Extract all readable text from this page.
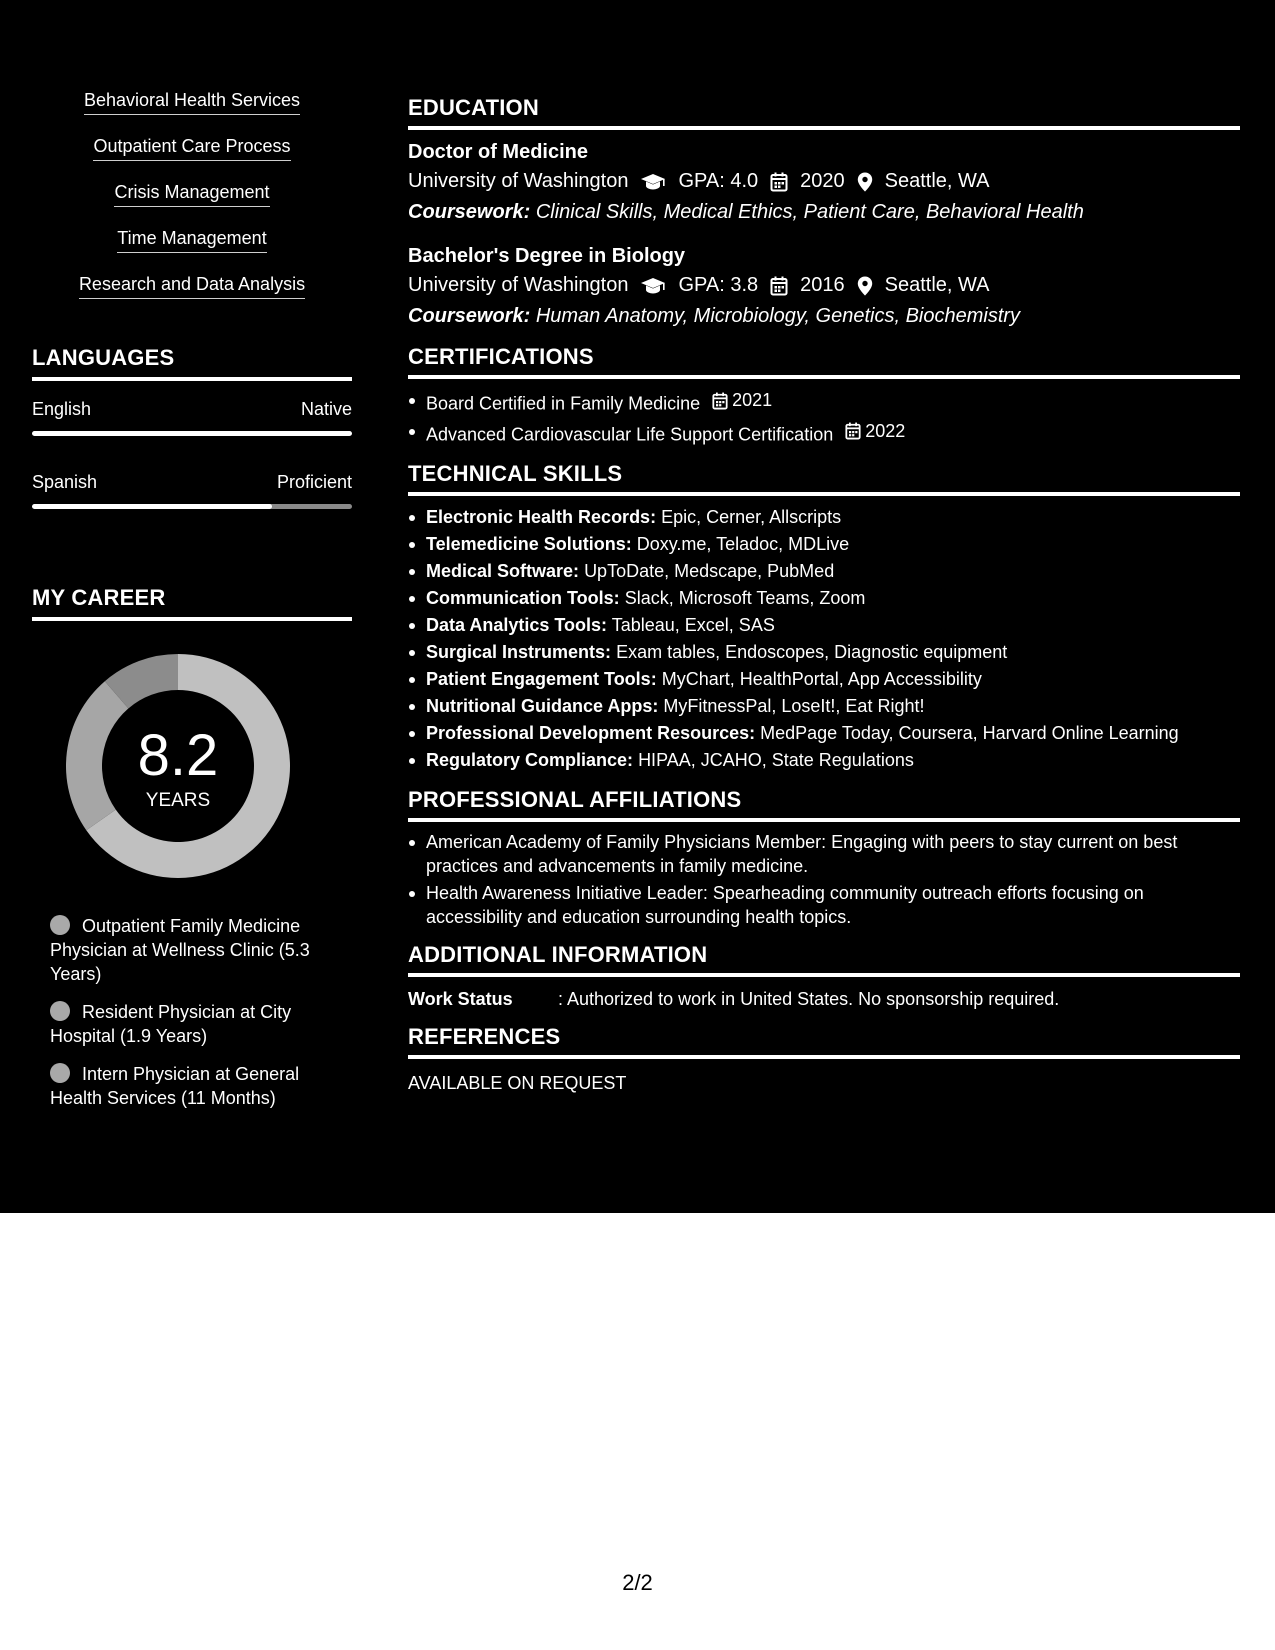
Behavioral Health Services
Outpatient Care Process
Crisis Management
Time Management
Research and Data Analysis
LANGUAGES
English	Native
Spanish	Proficient
MY CAREER
8.2
YEARS
Outpatient Family Medicine Physician at Wellness Clinic (5.3 Years)
Resident Physician at City Hospital (1.9 Years)
Intern Physician at General Health Services (11 Months)
EDUCATION
Doctor of Medicine
University of Washington	GPA: 4.0 2020 Seattle, WA
Coursework: Clinical Skills, Medical Ethics, Patient Care, Behavioral Health
Bachelor's Degree in Biology
University of Washington	GPA: 3.8 2016 Seattle, WA
Coursework: Human Anatomy, Microbiology, Genetics, Biochemistry
CERTIFICATIONS
Board Certified in Family Medicine 2021
Advanced Cardiovascular Life Support Certification 2022
TECHNICAL SKILLS
Electronic Health Records: Epic, Cerner, Allscripts
Telemedicine Solutions: Doxy.me, Teladoc, MDLive
Medical Software: UpToDate, Medscape, PubMed
Communication Tools: Slack, Microsoft Teams, Zoom
Data Analytics Tools: Tableau, Excel, SAS
Surgical Instruments: Exam tables, Endoscopes, Diagnostic equipment
Patient Engagement Tools: MyChart, HealthPortal, App Accessibility
Nutritional Guidance Apps: MyFitnessPal, LoseIt!, Eat Right!
Professional Development Resources: MedPage Today, Coursera, Harvard Online Learning
Regulatory Compliance: HIPAA, JCAHO, State Regulations
PROFESSIONAL AFFILIATIONS
American Academy of Family Physicians Member: Engaging with peers to stay current on best practices and advancements in family medicine.
Health Awareness Initiative Leader: Spearheading community outreach efforts focusing on accessibility and education surrounding health topics.
ADDITIONAL INFORMATION
Work Status	: Authorized to work in United States. No sponsorship required.
REFERENCES
AVAILABLE ON REQUEST
2/2
